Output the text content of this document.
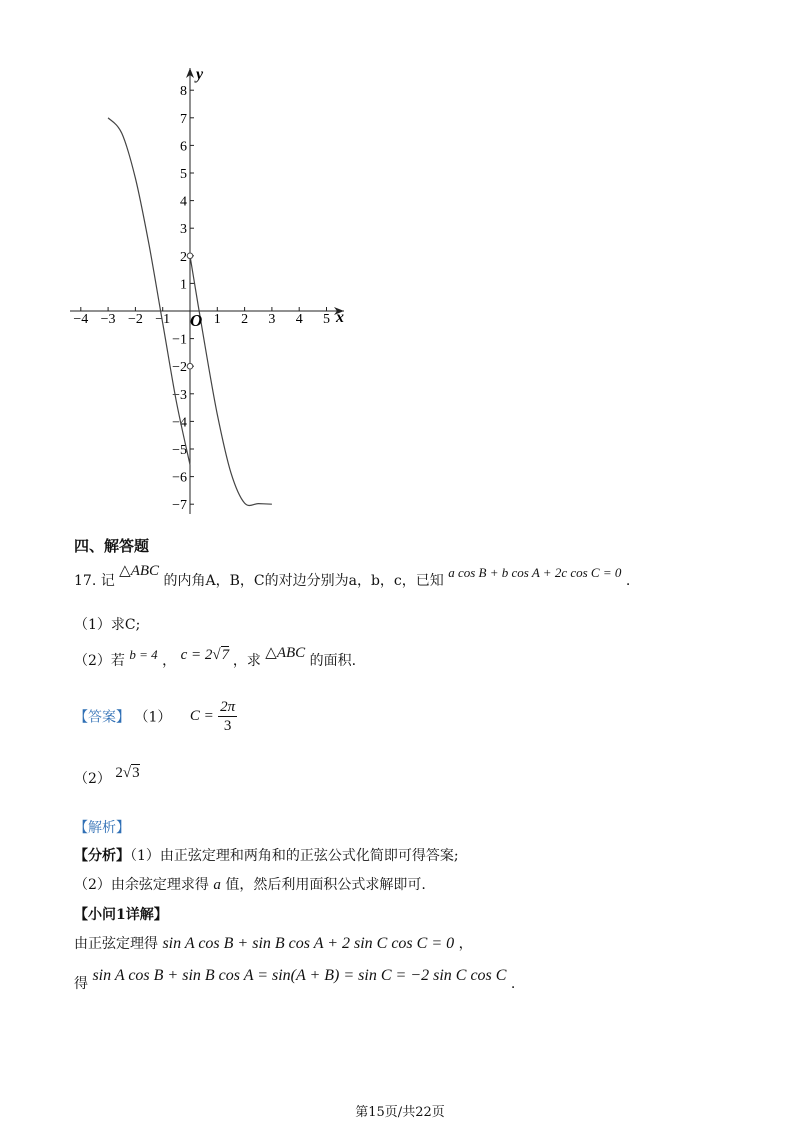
−4 −3 −2 −1	1 2 3 4 5
8
7
6
5
4
3
2
1
−1
−2
−3
−4
−5
−6
−7
x
y
O
四、解答题
17. 记 △ABC 的内角A，B，C的对边分别为a，b，c，已知 a cos B + b cos A + 2c cos C = 0 .
（1）求C;
（2）若 b = 4 ， c = 2√7 ，求 △ABC 的面积.
【答案】 （1） $C = \frac{2\pi}{3}$
（2） 2√3
【解析】
【分析】（1）由正弦定理和两角和的正弦公式化简即可得答案;
（2）由余弦定理求得 a 值，然后利用面积公式求解即可.
【小问1详解】
由正弦定理得 sin A cos B + sin B cos A + 2 sin C cos C = 0 ，
得 sin A cos B + sin B cos A = sin(A + B) = sin C = −2 sin C cos C .
第15页/共22页
